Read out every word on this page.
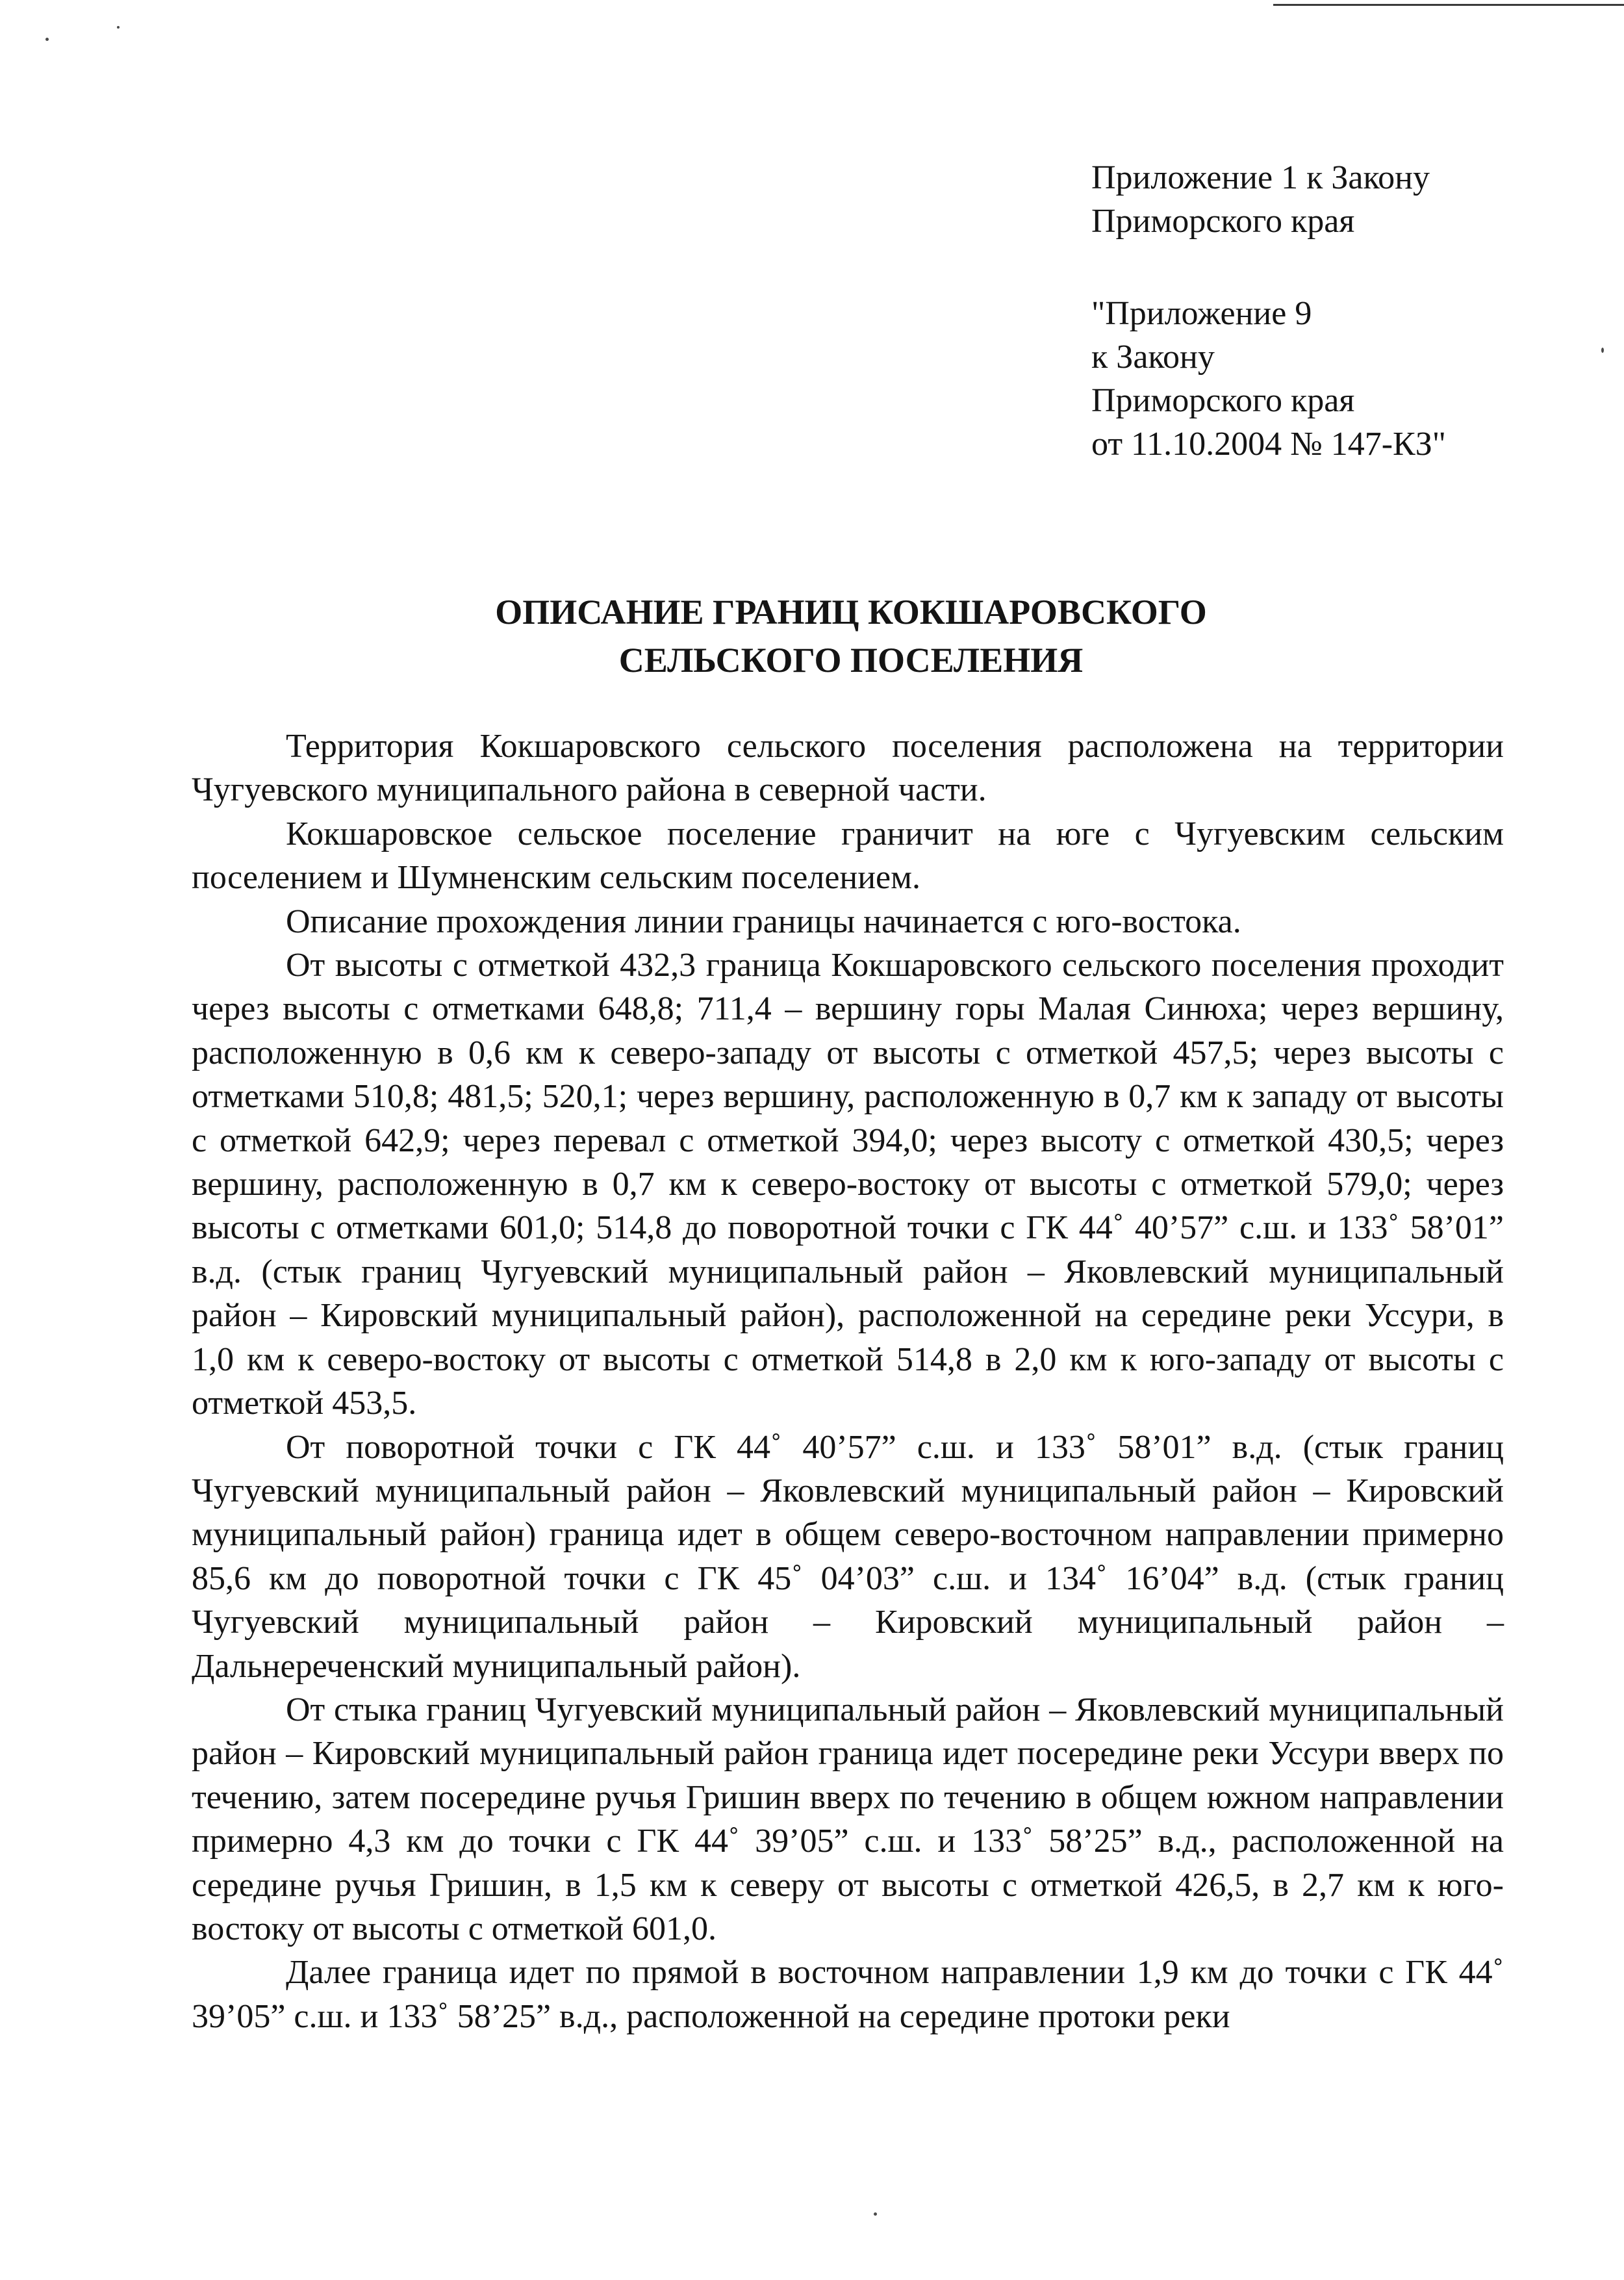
Приложение 1 к Закону
Приморского края
"Приложение 9
к Закону
Приморского края
от 11.10.2004 № 147-КЗ"
ОПИСАНИЕ ГРАНИЦ КОКШАРОВСКОГО
СЕЛЬСКОГО ПОСЕЛЕНИЯ

Территория Кокшаровского сельского поселения расположена на территории Чугуевского муниципального района в северной части.

Кокшаровское сельское поселение граничит на юге с Чугуевским сельским поселением и Шумненским сельским поселением.

Описание прохождения линии границы начинается с юго-востока.

От высоты с отметкой 432,3 граница Кокшаровского сельского поселения проходит через высоты с отметками 648,8; 711,4 – вершину горы Малая Синюха; через вершину, расположенную в 0,6 км к северо-западу от высоты с отметкой 457,5; через высоты с отметками 510,8; 481,5; 520,1; через вершину, расположенную в 0,7 км к западу от высоты с отметкой 642,9; через перевал с отметкой 394,0; через высоту с отметкой 430,5; через вершину, расположенную в 0,7 км к северо-востоку от высоты с отметкой 579,0; через высоты с отметками 601,0; 514,8 до поворотной точки с ГК 44˚ 40’57” с.ш. и 133˚ 58’01” в.д. (стык границ Чугуевский муниципальный район – Яковлевский муниципальный район – Кировский муниципальный район), расположенной на середине реки Уссури, в 1,0 км к северо-востоку от высоты с отметкой 514,8 в 2,0 км к юго-западу от высоты с отметкой 453,5.

От поворотной точки с ГК 44˚ 40’57” с.ш. и 133˚ 58’01” в.д. (стык границ Чугуевский муниципальный район – Яковлевский муниципальный район – Кировский муниципальный район) граница идет в общем северо-восточном направлении примерно 85,6 км до поворотной точки с ГК 45˚ 04’03” с.ш. и 134˚ 16’04” в.д. (стык границ Чугуевский муниципальный район – Кировский муниципальный район – Дальнереченский муниципальный район).

От стыка границ Чугуевский муниципальный район – Яковлевский муниципальный район – Кировский муниципальный район граница идет посередине реки Уссури вверх по течению, затем посередине ручья Гришин вверх по течению в общем южном направлении примерно 4,3 км до точки с ГК 44˚ 39’05” с.ш. и 133˚ 58’25” в.д., расположенной на середине ручья Гришин, в 1,5 км к северу от высоты с отметкой 426,5, в 2,7 км к юго-востоку от высоты с отметкой 601,0.

Далее граница идет по прямой в восточном направлении 1,9 км до точки с ГК 44˚ 39’05” с.ш. и 133˚ 58’25” в.д., расположенной на середине протоки реки
